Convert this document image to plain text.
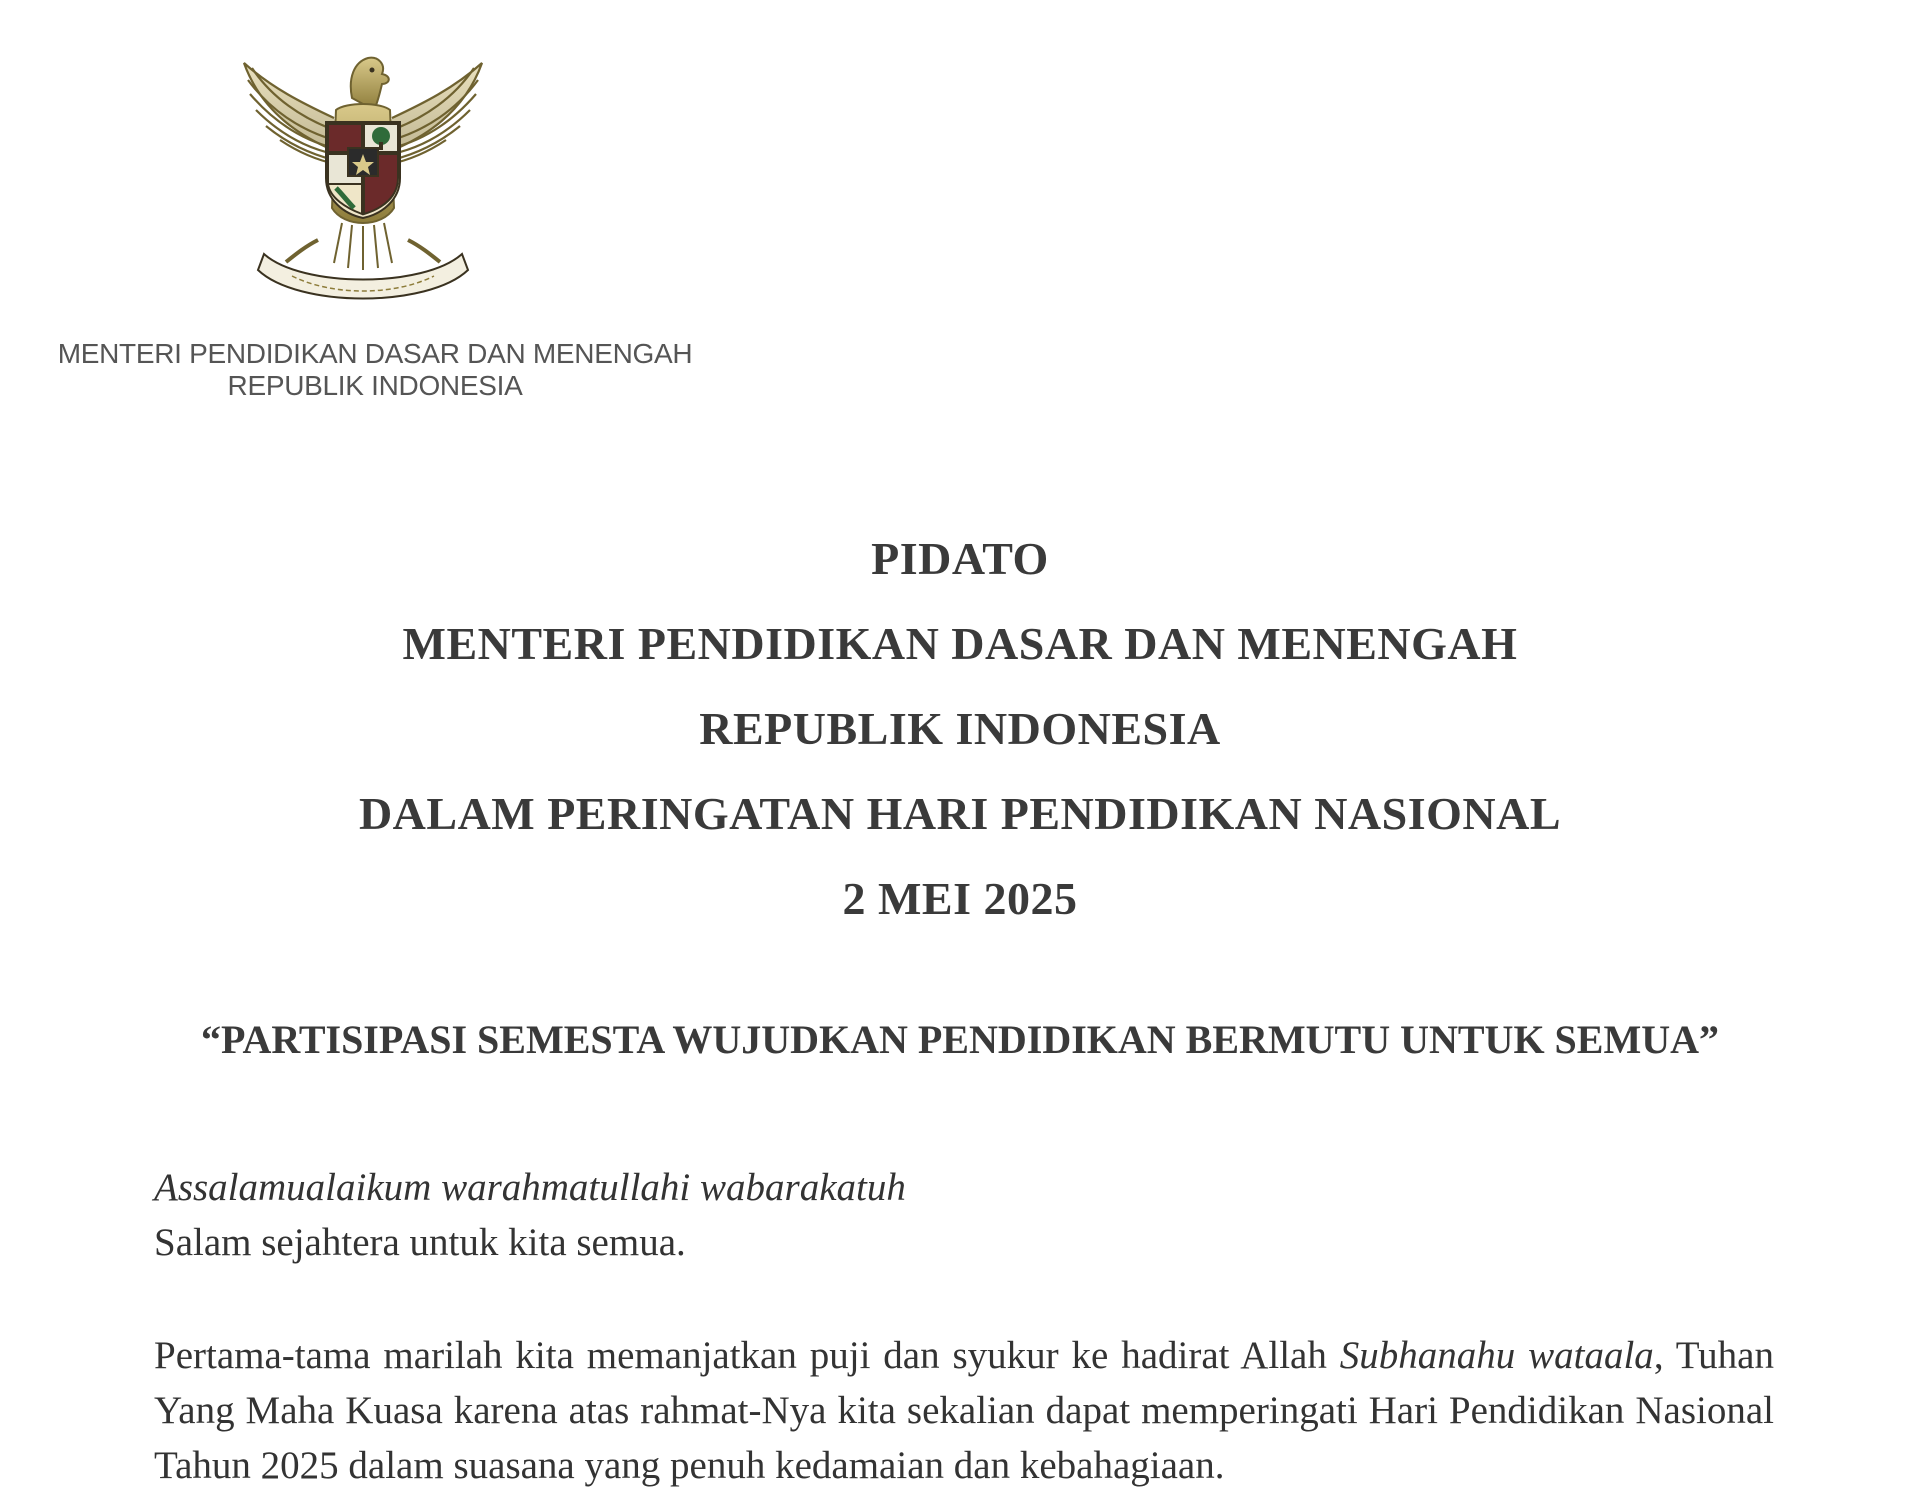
MENTERI PENDIDIKAN DASAR DAN MENENGAH
REPUBLIK INDONESIA
PIDATO
MENTERI PENDIDIKAN DASAR DAN MENENGAH
REPUBLIK INDONESIA
DALAM PERINGATAN HARI PENDIDIKAN NASIONAL
2 MEI 2025
“PARTISIPASI SEMESTA WUJUDKAN PENDIDIKAN BERMUTU UNTUK SEMUA”
Assalamualaikum warahmatullahi wabarakatuh
Salam sejahtera untuk kita semua.
Pertama-tama marilah kita memanjatkan puji dan syukur ke hadirat Allah Subhanahu wataala, Tuhan Yang Maha Kuasa karena atas rahmat-Nya kita sekalian dapat memperingati Hari Pendidikan Nasional Tahun 2025 dalam suasana yang penuh kedamaian dan kebahagiaan.
